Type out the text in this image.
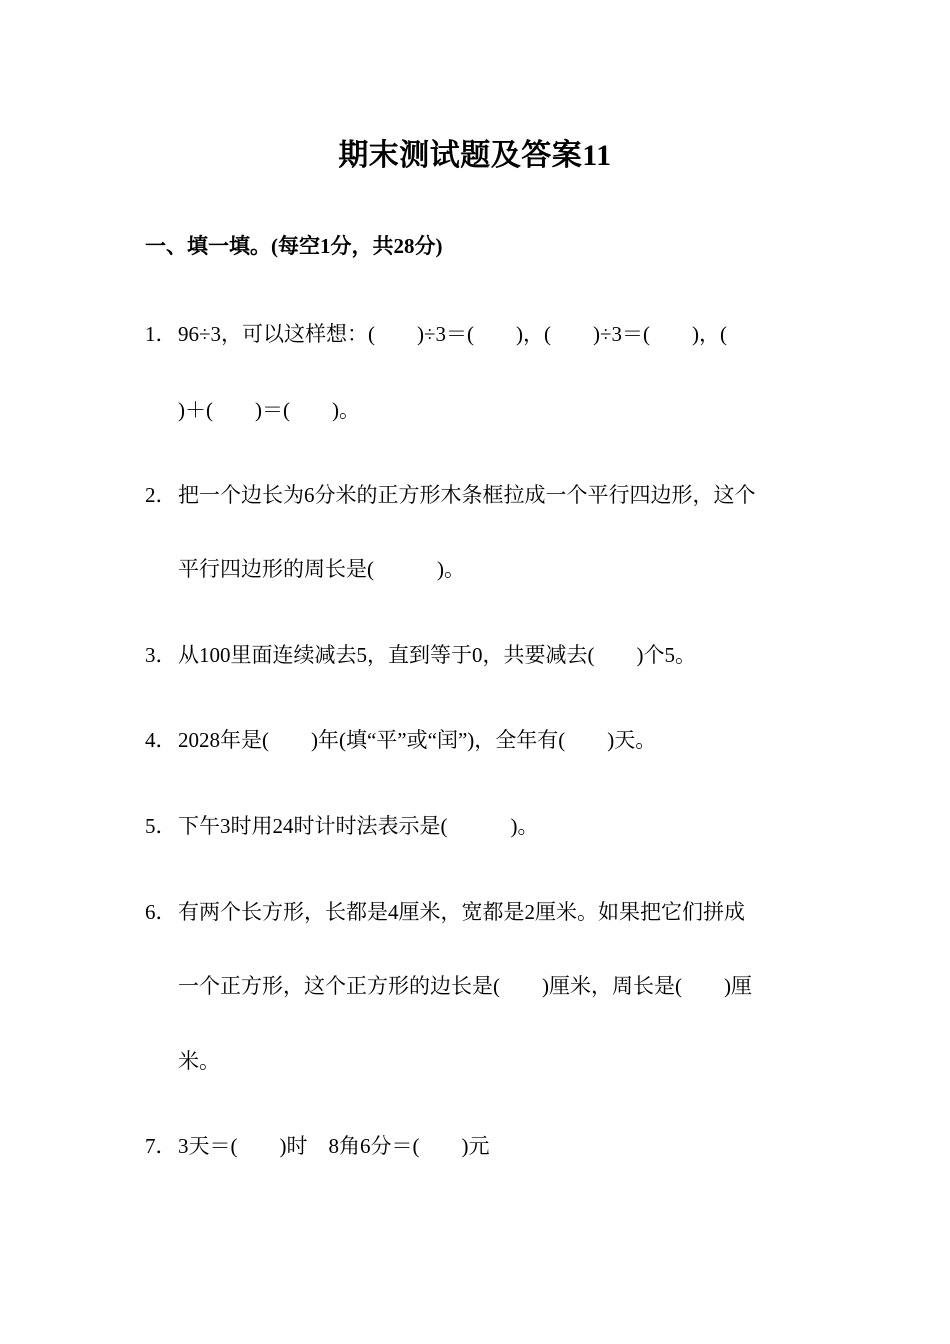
期末测试题及答案11
一、填一填。(每空1分，共28分)
1．96÷3，可以这样想：(　　)÷3＝(　　)，(　　)÷3＝(　　)，(
)＋(　　)＝(　　)。
2．把一个边长为6分米的正方形木条框拉成一个平行四边形，这个
平行四边形的周长是(　　　)。
3．从100里面连续减去5，直到等于0，共要减去(　　)个5。
4．2028年是(　　)年(填“平”或“闰”)，全年有(　　)天。
5．下午3时用24时计时法表示是(　　　)。
6．有两个长方形，长都是4厘米，宽都是2厘米。如果把它们拼成
一个正方形，这个正方形的边长是(　　)厘米，周长是(　　)厘
米。
7．3天＝(　　)时　8角6分＝(　　)元
